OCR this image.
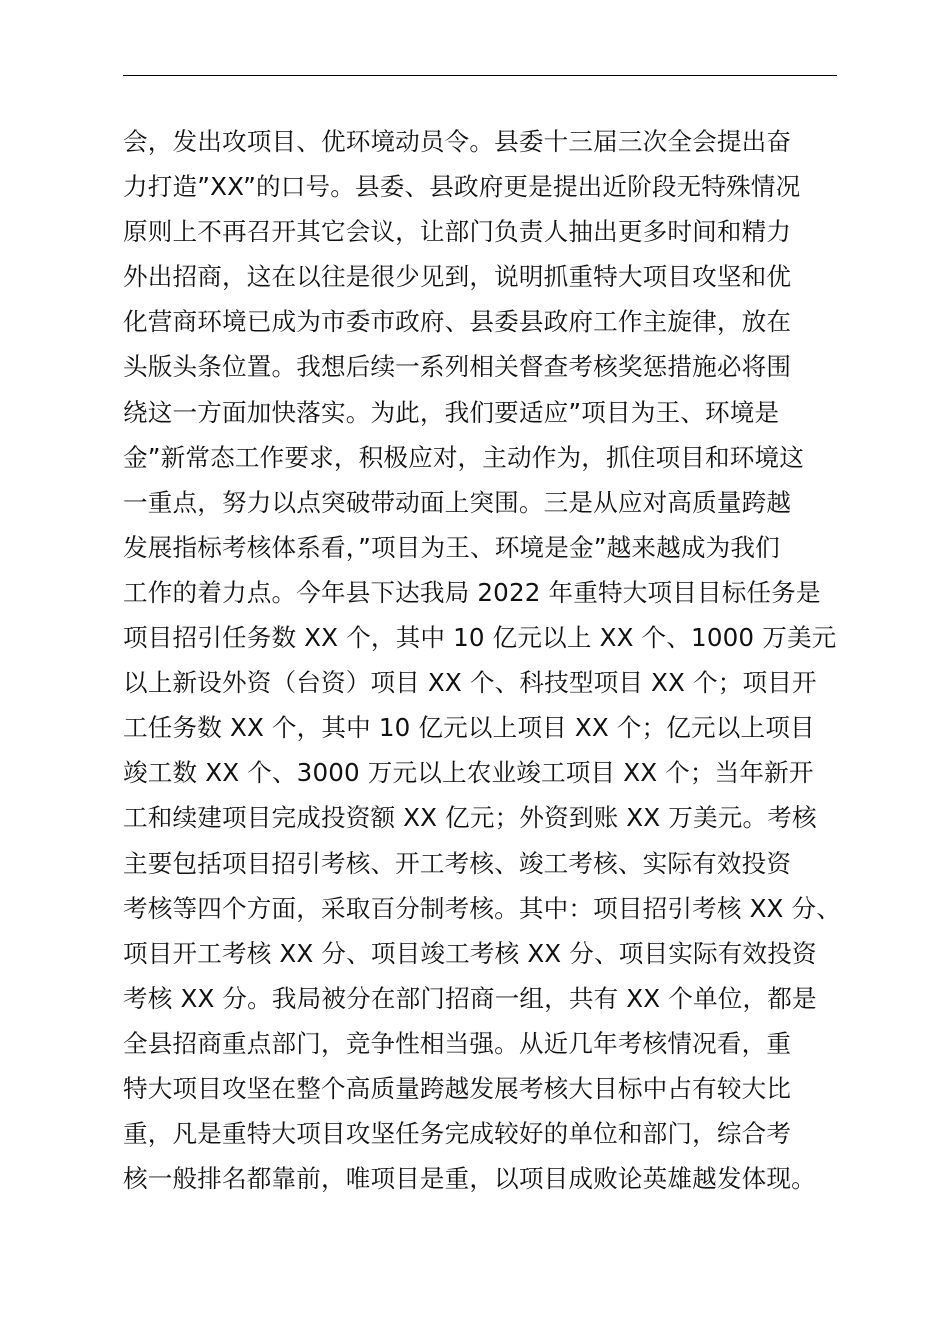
会，发出攻项目、优环境动员令。县委十三届三次全会提出奋
力打造”XX”的口号。县委、县政府更是提出近阶段无特殊情况
原则上不再召开其它会议，让部门负责人抽出更多时间和精力
外出招商，这在以往是很少见到，说明抓重特大项目攻坚和优
化营商环境已成为市委市政府、县委县政府工作主旋律，放在
头版头条位置。我想后续一系列相关督查考核奖惩措施必将围
绕这一方面加快落实。为此，我们要适应”项目为王、环境是
金”新常态工作要求，积极应对，主动作为，抓住项目和环境这
一重点，努力以点突破带动面上突围。三是从应对高质量跨越
发展指标考核体系看，”项目为王、环境是金”越来越成为我们
工作的着力点。今年县下达我局 2022 年重特大项目目标任务是
项目招引任务数 XX 个，其中 10 亿元以上 XX 个、1000 万美元
以上新设外资（台资）项目 XX 个、科技型项目 XX 个；项目开
工任务数 XX 个，其中 10 亿元以上项目 XX 个；亿元以上项目
竣工数 XX 个、3000 万元以上农业竣工项目 XX 个；当年新开
工和续建项目完成投资额 XX 亿元；外资到账 XX 万美元。考核
主要包括项目招引考核、开工考核、竣工考核、实际有效投资
考核等四个方面，采取百分制考核。其中：项目招引考核 XX 分、
项目开工考核 XX 分、项目竣工考核 XX 分、项目实际有效投资
考核 XX 分。我局被分在部门招商一组，共有 XX 个单位，都是
全县招商重点部门，竞争性相当强。从近几年考核情况看，重
特大项目攻坚在整个高质量跨越发展考核大目标中占有较大比
重，凡是重特大项目攻坚任务完成较好的单位和部门，综合考
核一般排名都靠前，唯项目是重，以项目成败论英雄越发体现。
